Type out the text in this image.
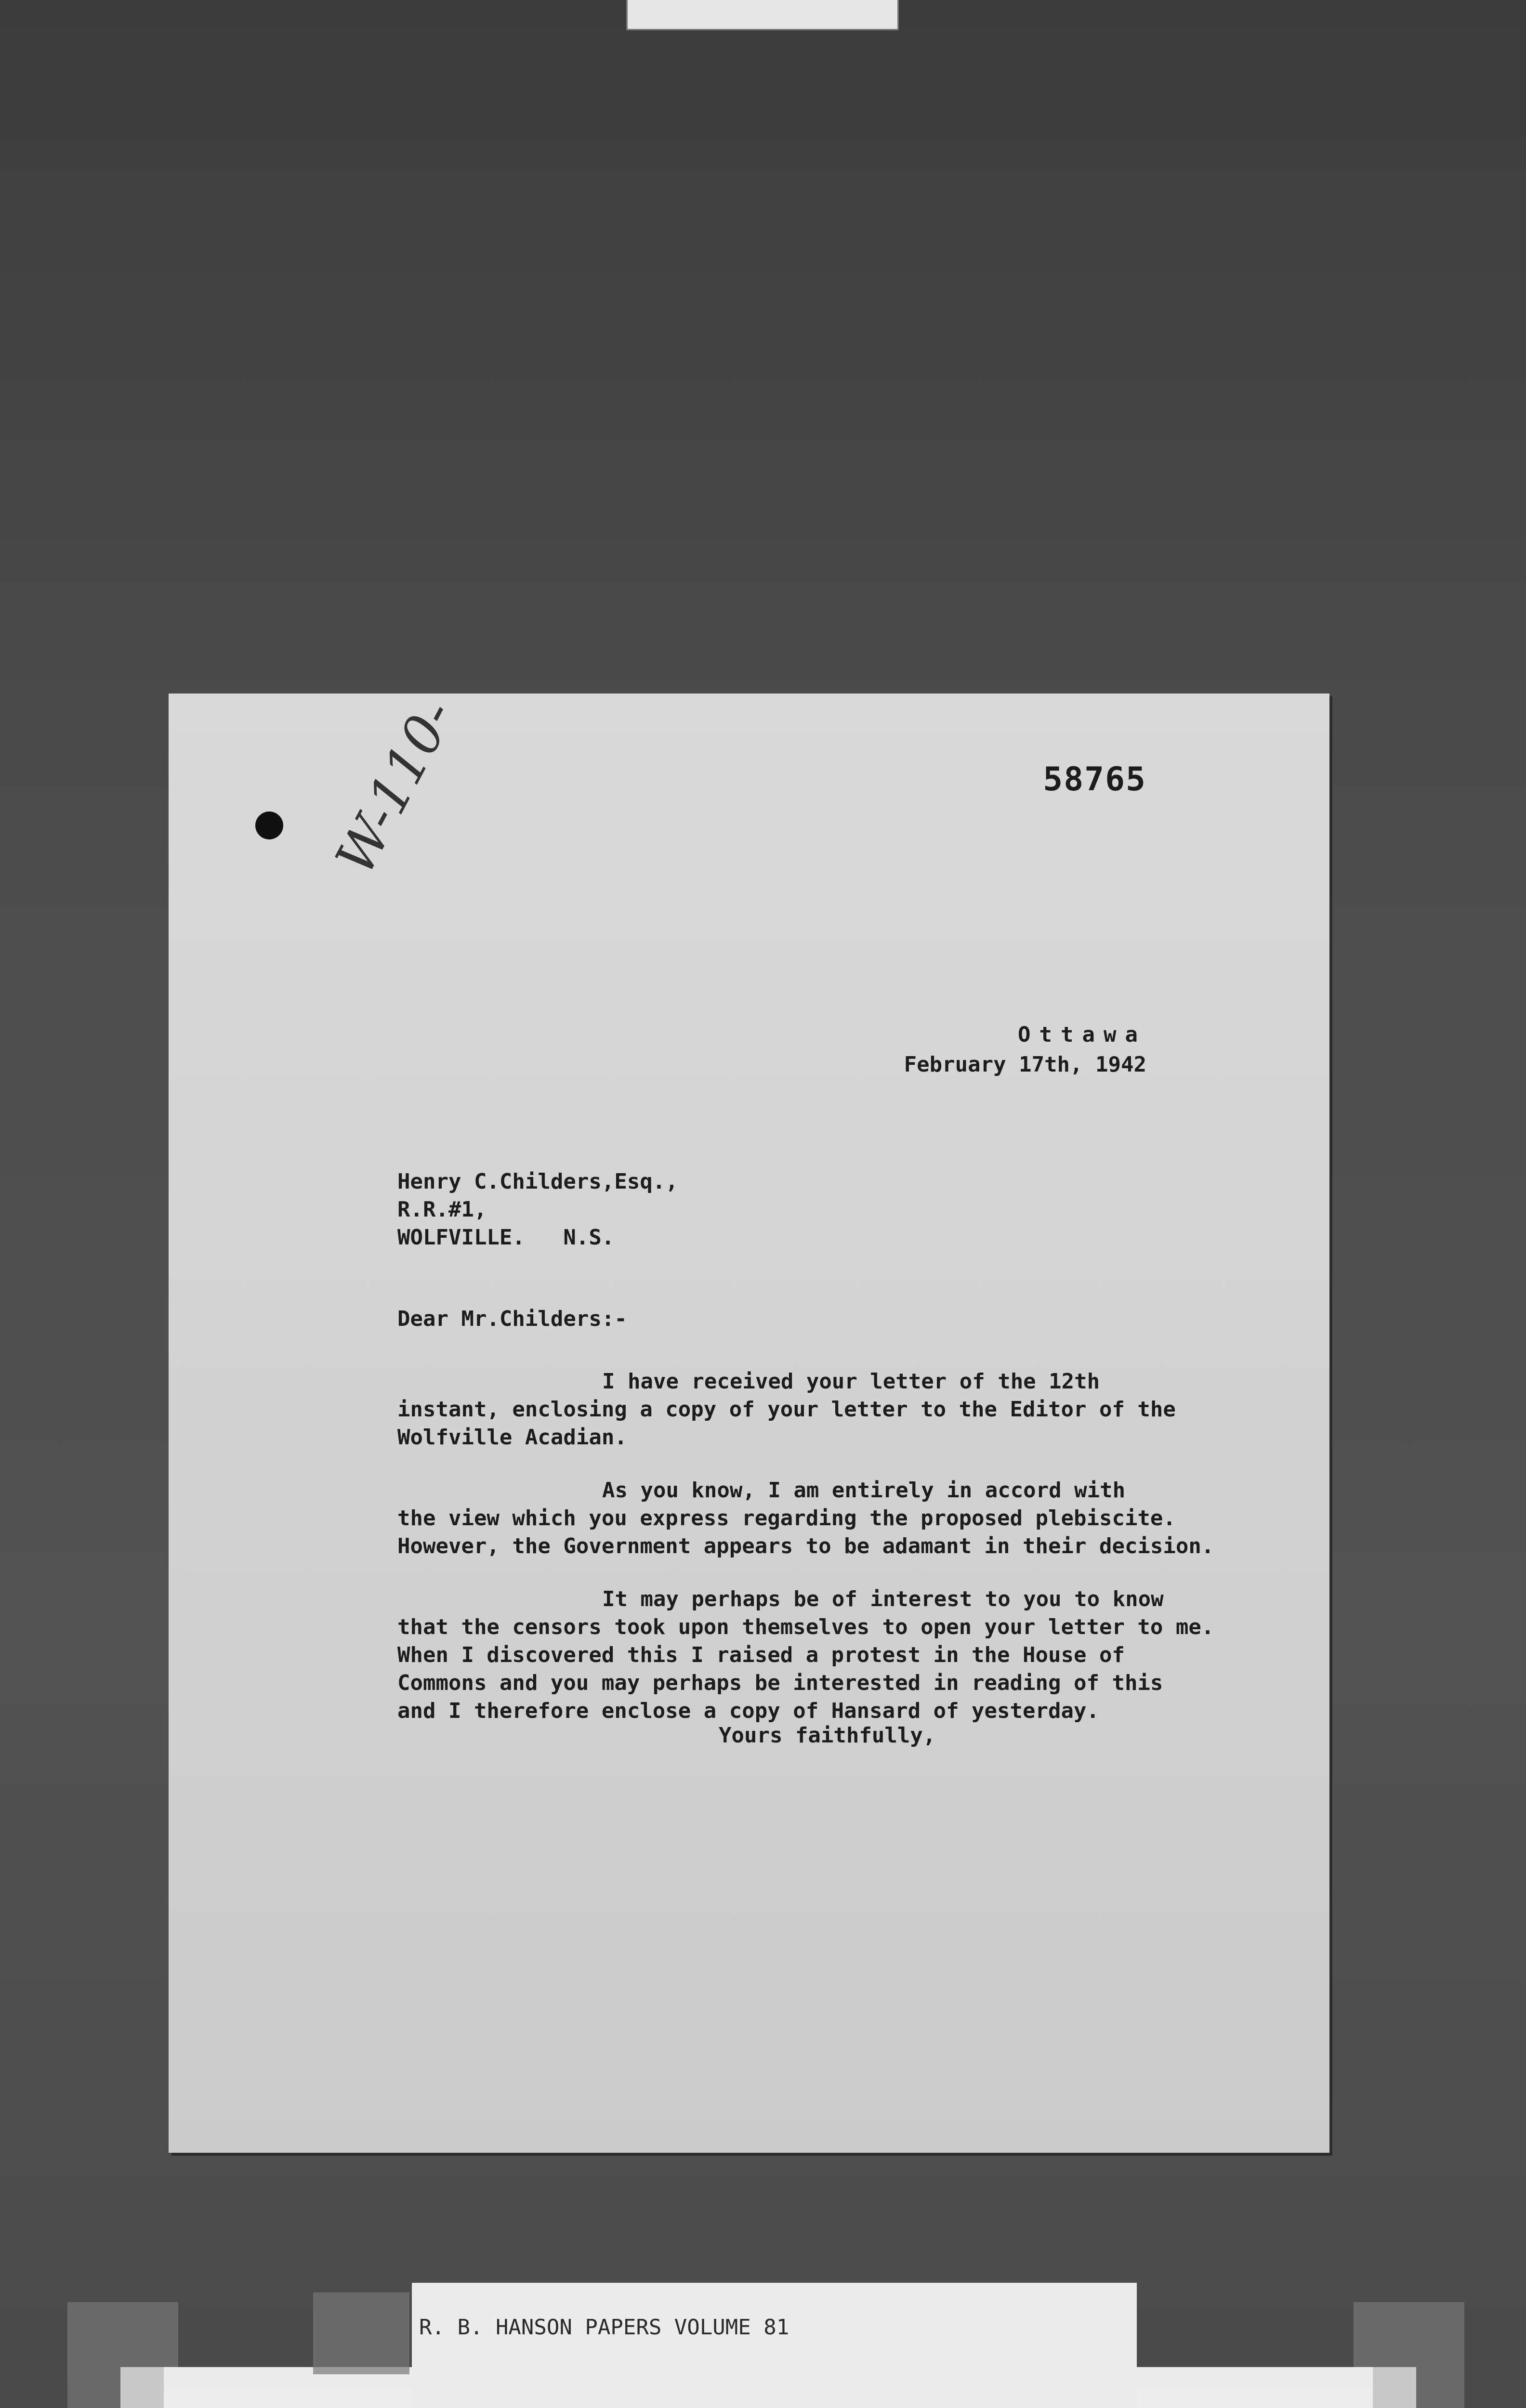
W-110-	58765
Ottawa
February 17th, 1942
Henry C.Childers,Esq.,
R.R.#1,
WOLFVILLE.   N.S.
Dear Mr.Childers:-
I have received your letter of the 12th
instant, enclosing a copy of your letter to the Editor of the
Wolfville Acadian.
As you know, I am entirely in accord with
the view which you express regarding the proposed plebiscite.
However, the Government appears to be adamant in their decision.
It may perhaps be of interest to you to know
that the censors took upon themselves to open your letter to me.
When I discovered this I raised a protest in the House of
Commons and you may perhaps be interested in reading of this
and I therefore enclose a copy of Hansard of yesterday.
Yours faithfully,
R. B. HANSON PAPERS VOLUME 81
